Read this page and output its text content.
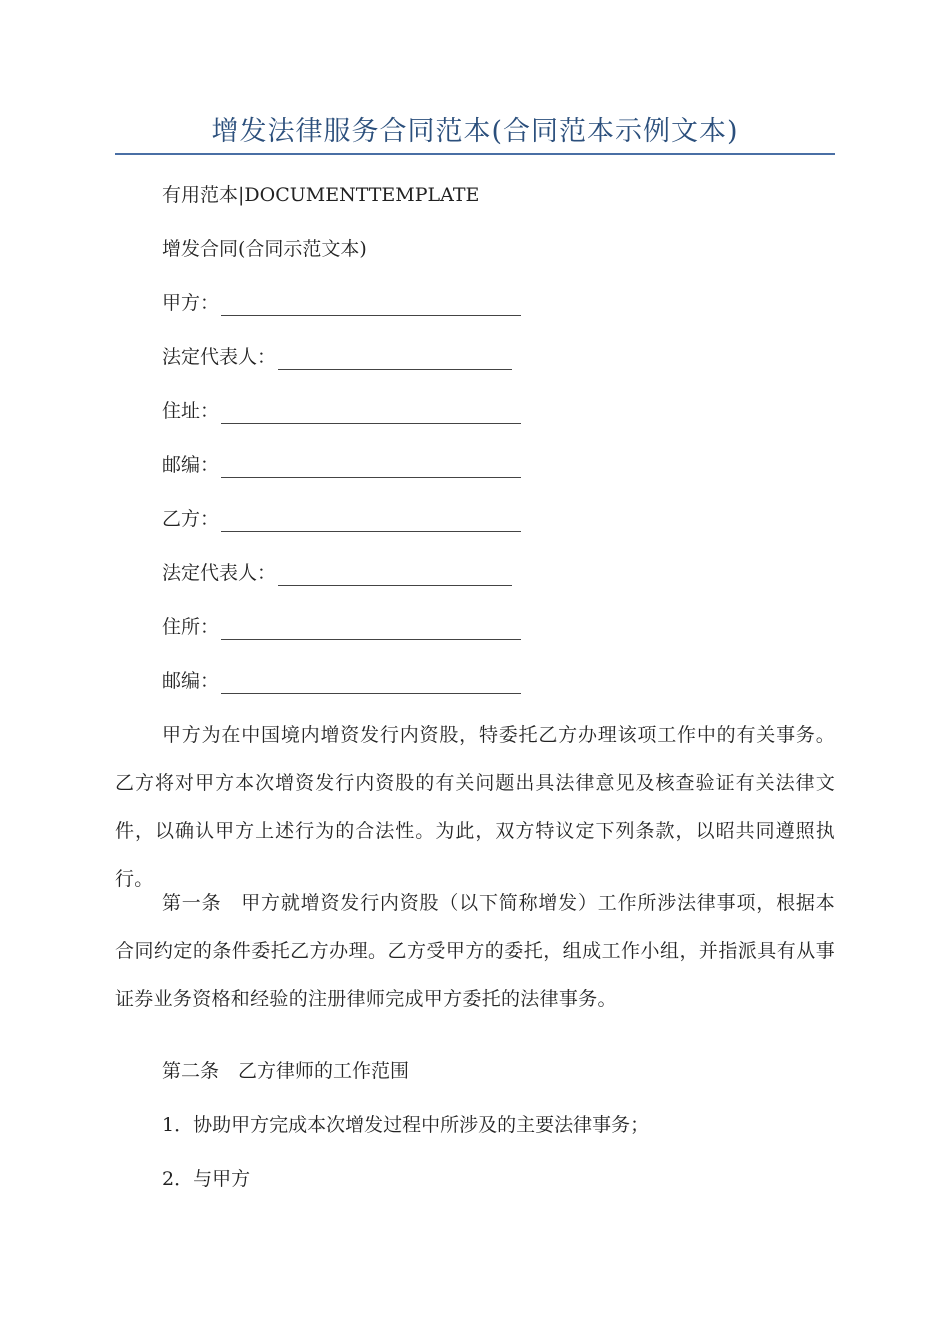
增发法律服务合同范本(合同范本示例文本)
有用范本|DOCUMENTTEMPLATE
增发合同(合同示范文本)
甲方：
法定代表人：
住址：
邮编：
乙方：
法定代表人：
住所：
邮编：
甲方为在中国境内增资发行内资股，特委托乙方办理该项工作中的有关事务。乙方将对甲方本次增资发行内资股的有关问题出具法律意见及核查验证有关法律文件，以确认甲方上述行为的合法性。为此，双方特议定下列条款，以昭共同遵照执行。
第一条　甲方就增资发行内资股（以下简称增发）工作所涉法律事项，根据本合同约定的条件委托乙方办理。乙方受甲方的委托，组成工作小组，并指派具有从事证券业务资格和经验的注册律师完成甲方委托的法律事务。
第二条　乙方律师的工作范围
1．协助甲方完成本次增发过程中所涉及的主要法律事务；
2．与甲方
